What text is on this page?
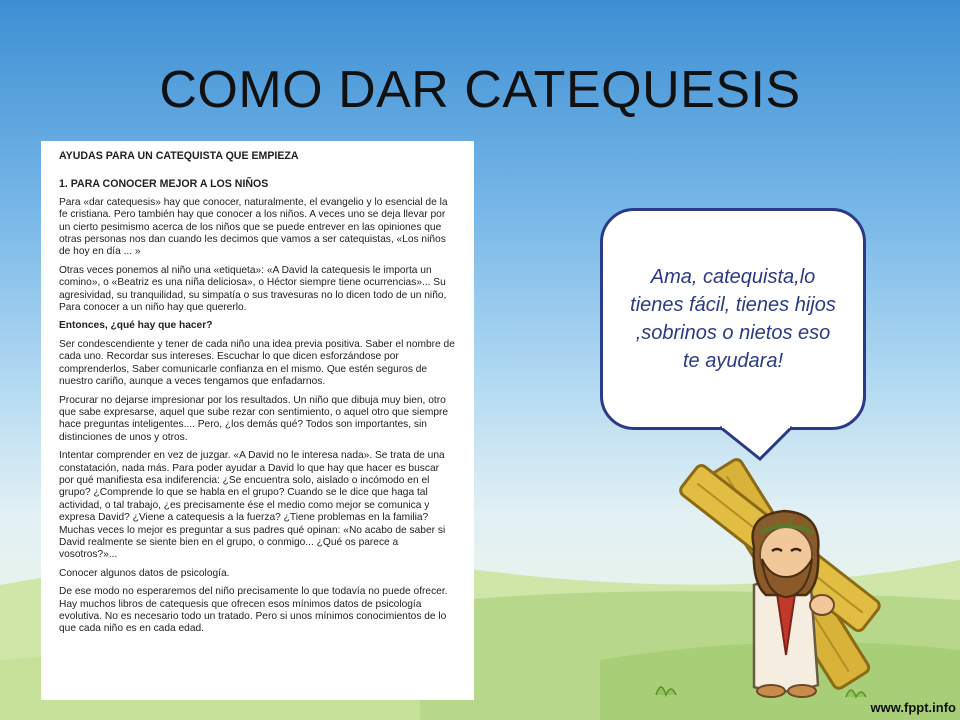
COMO DAR CATEQUESIS
AYUDAS PARA UN CATEQUISTA QUE EMPIEZA
1. PARA CONOCER MEJOR A LOS NIÑOS
Para «dar catequesis» hay que conocer, naturalmente, el evangelio y lo esencial de la fe cristiana. Pero también hay que conocer a los niños. A veces uno se deja llevar por un cierto pesimismo acerca de los niños que se puede entrever en las opiniones que otras personas nos dan cuando les decimos que vamos a ser catequistas, «Los niños de hoy en día ... »
Otras veces ponemos al niño una «etiqueta»: «A David la catequesis le importa un comino», o «Beatriz es una niña deliciosa», o Héctor siempre tiene ocurrencias»... Su agresividad, su tranquilidad, su simpatía o sus travesuras no lo dicen todo de un niño, Para conocer a un niño hay que quererlo.
Entonces, ¿qué hay que hacer?
Ser condescendiente y tener de cada niño una idea previa positiva. Saber el nombre de cada uno. Recordar sus intereses. Escuchar lo que dicen esforzándose por comprenderlos, Saber comunicarle confianza en el mismo. Que estén seguros de nuestro cariño, aunque a veces tengamos que enfadarnos.
Procurar no dejarse impresionar por los resultados. Un niño que dibuja muy bien, otro que sabe expresarse, aquel que sube rezar con sentimiento, o aquel otro que siempre hace preguntas inteligentes.... Pero, ¿los demás qué? Todos son importantes, sin distinciones de unos y otros.
Intentar comprender en vez de juzgar. «A David no le interesa nada». Se trata de una constatación, nada más. Para poder ayudar a David lo que hay que hacer es buscar por qué manifiesta esa indiferencia: ¿Se encuentra solo, aislado o incómodo en el grupo? ¿Comprende lo que se habla en el grupo? Cuando se le dice que haga tal actividad, o tal trabajo, ¿es precisamente ése el medio como mejor se comunica y expresa David? ¿Viene a catequesis a la fuerza? ¿Tiene problemas en la familia? Muchas veces lo mejor es preguntar a sus padres qué opinan: «No acabo de saber si David realmente se siente bien en el grupo, o conmigo... ¿Qué os parece a vosotros?»...
Conocer algunos datos de psicología.
De ese modo no esperaremos del niño precisamente lo que todavía no puede ofrecer. Hay muchos libros de catequesis que ofrecen esos mínimos datos de psicología evolutiva. No es necesario todo un tratado. Pero si unos mínimos conocimientos de lo que cada niño es en cada edad.
Ama, catequista,lo tienes fácil, tienes hijos ,sobrinos o nietos eso te ayudara!
www.fppt.info
